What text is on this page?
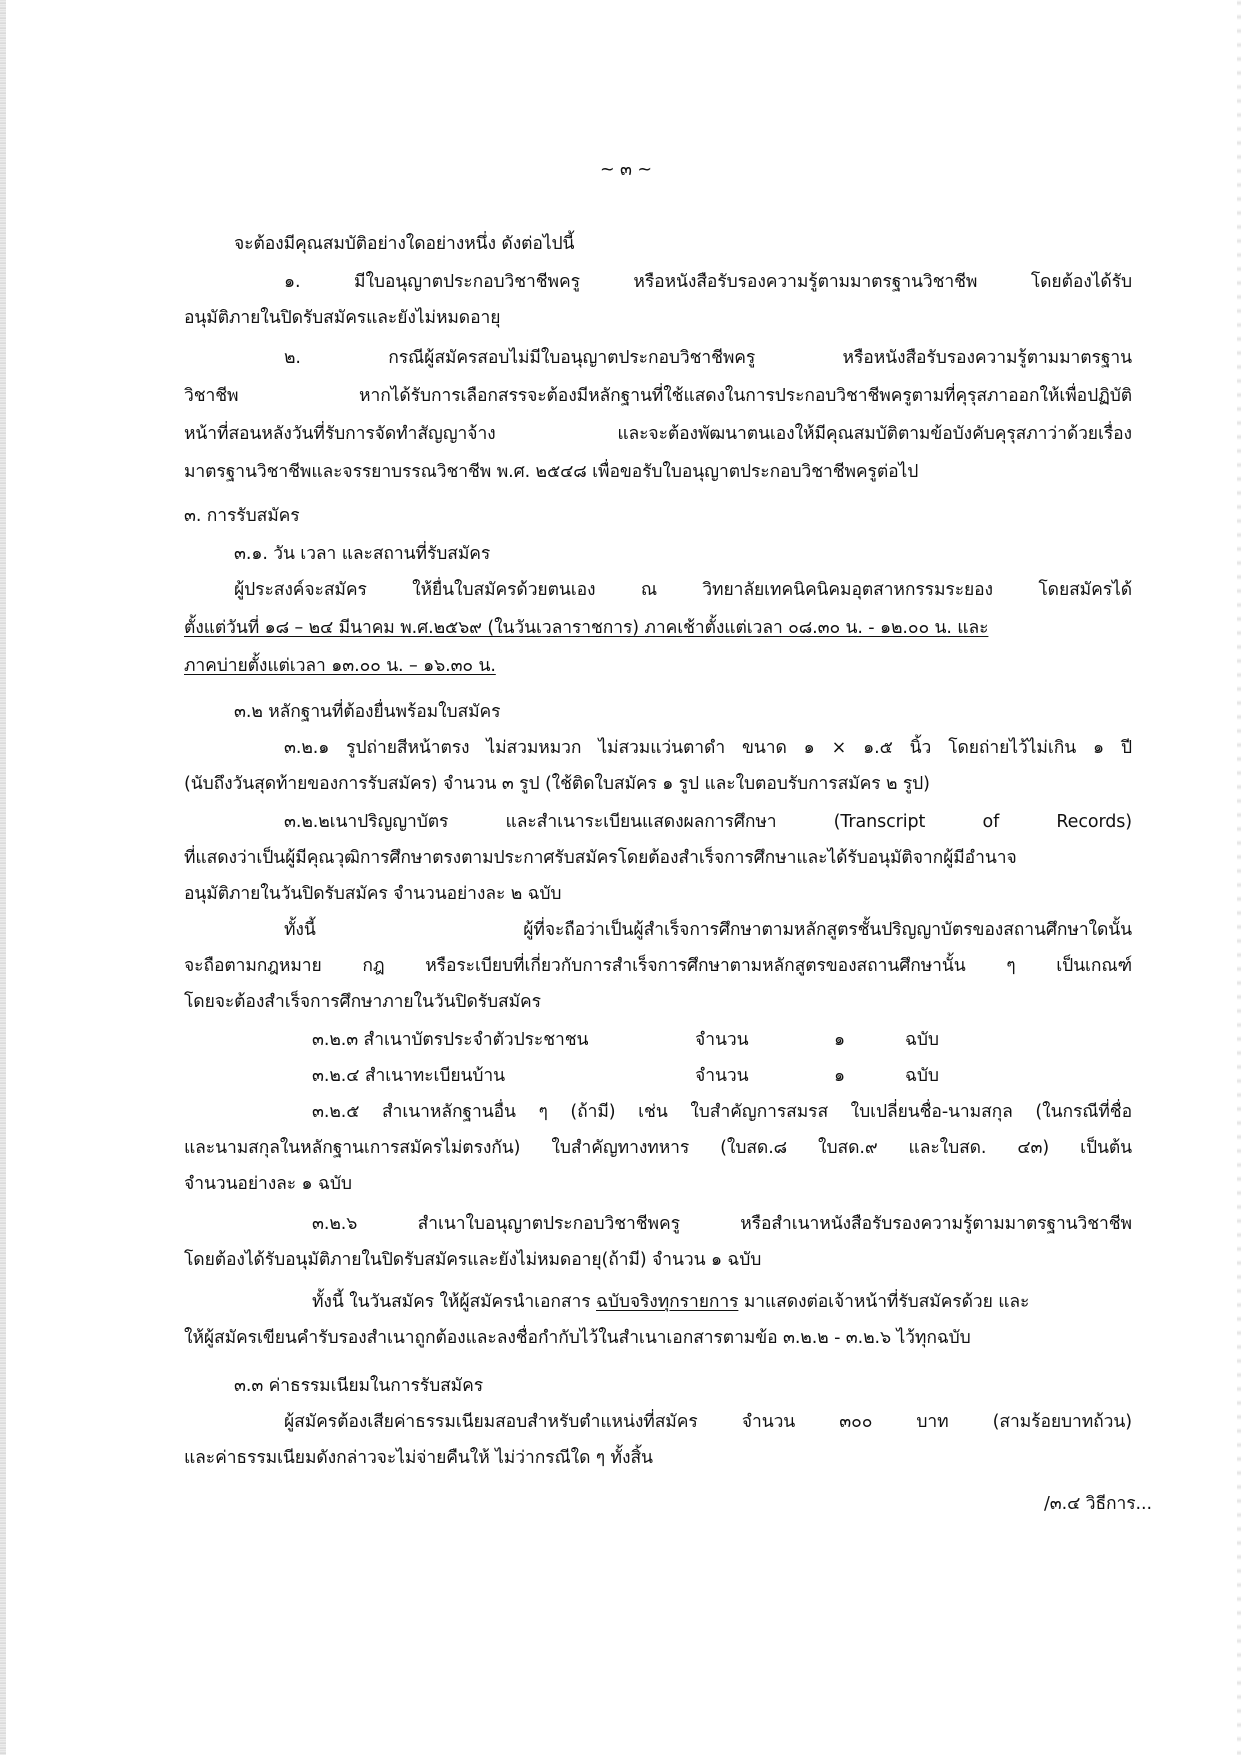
~ ๓ ~
จะต้องมีคุณสมบัติอย่างใดอย่างหนึ่ง ดังต่อไปนี้
๑. มีใบอนุญาตประกอบวิชาชีพครู หรือหนังสือรับรองความรู้ตามมาตรฐานวิชาชีพ โดยต้องได้รับ
อนุมัติภายในปิดรับสมัครและยังไม่หมดอายุ
๒. กรณีผู้สมัครสอบไม่มีใบอนุญาตประกอบวิชาชีพครู หรือหนังสือรับรองความรู้ตามมาตรฐาน
วิชาชีพ หากได้รับการเลือกสรรจะต้องมีหลักฐานที่ใช้แสดงในการประกอบวิชาชีพครูตามที่คุรุสภาออกให้เพื่อปฏิบัติ
หน้าที่สอนหลังวันที่รับการจัดทำสัญญาจ้าง และจะต้องพัฒนาตนเองให้มีคุณสมบัติตามข้อบังคับคุรุสภาว่าด้วยเรื่อง
มาตรฐานวิชาชีพและจรรยาบรรณวิชาชีพ พ.ศ. ๒๕๔๘ เพื่อขอรับใบอนุญาตประกอบวิชาชีพครูต่อไป
๓. การรับสมัคร
๓.๑. วัน เวลา และสถานที่รับสมัคร
ผู้ประสงค์จะสมัคร ให้ยื่นใบสมัครด้วยตนเอง ณ วิทยาลัยเทคนิคนิคมอุตสาหกรรมระยอง โดยสมัครได้
ตั้งแต่วันที่ ๑๘ – ๒๔ มีนาคม พ.ศ.๒๕๖๙ (ในวันเวลาราชการ) ภาคเช้าตั้งแต่เวลา ๐๘.๓๐ น. - ๑๒.๐๐ น. และ
ภาคบ่ายตั้งแต่เวลา ๑๓.๐๐ น. – ๑๖.๓๐ น.
๓.๒ หลักฐานที่ต้องยื่นพร้อมใบสมัคร
๓.๒.๑ รูปถ่ายสีหน้าตรง ไม่สวมหมวก ไม่สวมแว่นตาดำ ขนาด ๑ × ๑.๕ นิ้ว โดยถ่ายไว้ไม่เกิน ๑ ปี
(นับถึงวันสุดท้ายของการรับสมัคร) จำนวน ๓ รูป (ใช้ติดใบสมัคร ๑ รูป และใบตอบรับการสมัคร ๒ รูป)
๓.๒.๒เนาปริญญาบัตร และสำเนาระเบียนแสดงผลการศึกษา (Transcript of Records)
ที่แสดงว่าเป็นผู้มีคุณวุฒิการศึกษาตรงตามประกาศรับสมัครโดยต้องสำเร็จการศึกษาและได้รับอนุมัติจากผู้มีอำนาจ
อนุมัติภายในวันปิดรับสมัคร จำนวนอย่างละ ๒ ฉบับ
ทั้งนี้ ผู้ที่จะถือว่าเป็นผู้สำเร็จการศึกษาตามหลักสูตรชั้นปริญญาบัตรของสถานศึกษาใดนั้น
จะถือตามกฎหมาย กฎ หรือระเบียบที่เกี่ยวกับการสำเร็จการศึกษาตามหลักสูตรของสถานศึกษานั้น ๆ เป็นเกณฑ์
โดยจะต้องสำเร็จการศึกษาภายในวันปิดรับสมัคร
๓.๒.๓ สำเนาบัตรประจำตัวประชาชน	จำนวน	๑	ฉบับ
๓.๒.๔ สำเนาทะเบียนบ้าน	จำนวน	๑	ฉบับ
๓.๒.๕ สำเนาหลักฐานอื่น ๆ (ถ้ามี) เช่น ใบสำคัญการสมรส ใบเปลี่ยนชื่อ-นามสกุล (ในกรณีที่ชื่อ
และนามสกุลในหลักฐานเการสมัครไม่ตรงกัน) ใบสำคัญทางทหาร (ใบสด.๘ ใบสด.๙ และใบสด. ๔๓) เป็นต้น
จำนวนอย่างละ ๑ ฉบับ
๓.๒.๖ สำเนาใบอนุญาตประกอบวิชาชีพครู หรือสำเนาหนังสือรับรองความรู้ตามมาตรฐานวิชาชีพ
โดยต้องได้รับอนุมัติภายในปิดรับสมัครและยังไม่หมดอายุ(ถ้ามี) จำนวน ๑ ฉบับ
ทั้งนี้ ในวันสมัคร ให้ผู้สมัครนำเอกสาร ฉบับจริงทุกรายการ มาแสดงต่อเจ้าหน้าที่รับสมัครด้วย และ
ให้ผู้สมัครเขียนคำรับรองสำเนาถูกต้องและลงชื่อกำกับไว้ในสำเนาเอกสารตามข้อ ๓.๒.๒ - ๓.๒.๖ ไว้ทุกฉบับ
๓.๓ ค่าธรรมเนียมในการรับสมัคร
ผู้สมัครต้องเสียค่าธรรมเนียมสอบสำหรับตำแหน่งที่สมัคร จำนวน ๓๐๐ บาท (สามร้อยบาทถ้วน)
และค่าธรรมเนียมดังกล่าวจะไม่จ่ายคืนให้ ไม่ว่ากรณีใด ๆ ทั้งสิ้น
/๓.๔ วิธีการ...
